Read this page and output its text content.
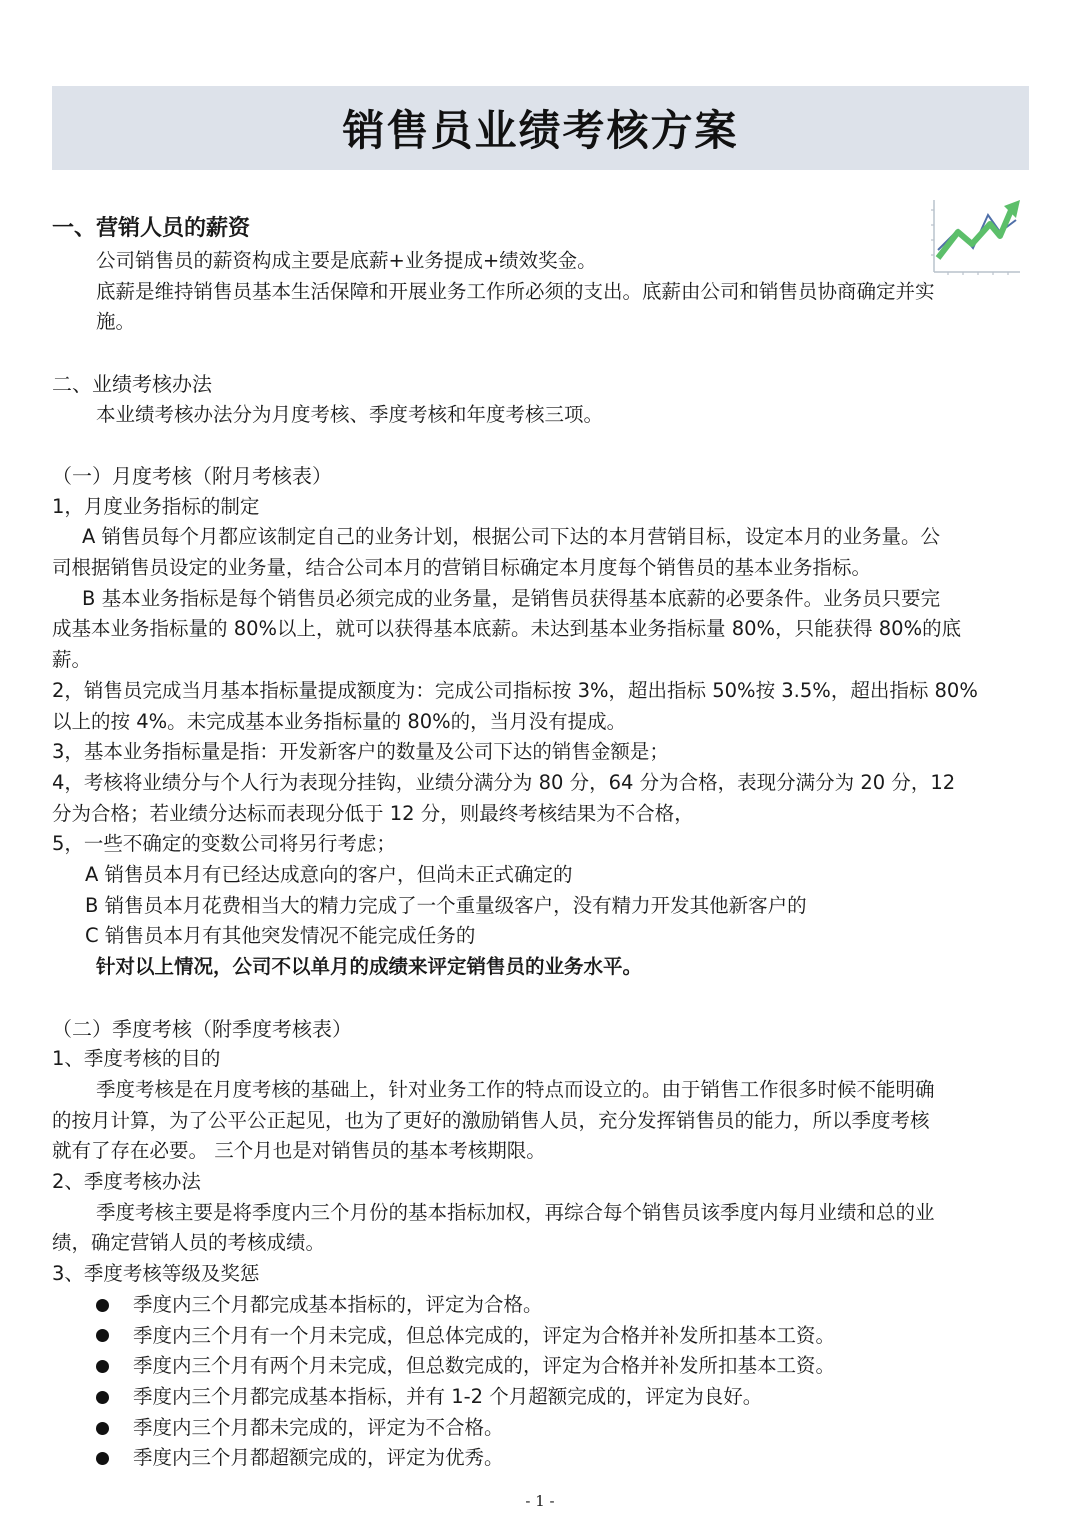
销售员业绩考核方案
一、营销人员的薪资
公司销售员的薪资构成主要是底薪+业务提成+绩效奖金。
底薪是维持销售员基本生活保障和开展业务工作所必须的支出。底薪由公司和销售员协商确定并实
施。
二、业绩考核办法
本业绩考核办法分为月度考核、季度考核和年度考核三项。
（一）月度考核（附月考核表）
1，月度业务指标的制定
A 销售员每个月都应该制定自己的业务计划，根据公司下达的本月营销目标，设定本月的业务量。公
司根据销售员设定的业务量，结合公司本月的营销目标确定本月度每个销售员的基本业务指标。
B 基本业务指标是每个销售员必须完成的业务量，是销售员获得基本底薪的必要条件。业务员只要完
成基本业务指标量的 80%以上，就可以获得基本底薪。未达到基本业务指标量 80%，只能获得 80%的底
薪。
2，销售员完成当月基本指标量提成额度为：完成公司指标按 3%，超出指标 50%按 3.5%，超出指标 80%
以上的按 4%。未完成基本业务指标量的 80%的，当月没有提成。
3，基本业务指标量是指：开发新客户的数量及公司下达的销售金额是；
4，考核将业绩分与个人行为表现分挂钩，业绩分满分为 80 分，64 分为合格，表现分满分为 20 分，12
分为合格；若业绩分达标而表现分低于 12 分，则最终考核结果为不合格，
5，一些不确定的变数公司将另行考虑；
A 销售员本月有已经达成意向的客户，但尚未正式确定的
B 销售员本月花费相当大的精力完成了一个重量级客户，没有精力开发其他新客户的
C 销售员本月有其他突发情况不能完成任务的
针对以上情况，公司不以单月的成绩来评定销售员的业务水平。
（二）季度考核（附季度考核表）
1、季度考核的目的
季度考核是在月度考核的基础上，针对业务工作的特点而设立的。由于销售工作很多时候不能明确
的按月计算，为了公平公正起见，也为了更好的激励销售人员，充分发挥销售员的能力，所以季度考核
就有了存在必要。 三个月也是对销售员的基本考核期限。
2、季度考核办法
季度考核主要是将季度内三个月份的基本指标加权，再综合每个销售员该季度内每月业绩和总的业
绩，确定营销人员的考核成绩。
3、季度考核等级及奖惩
季度内三个月都完成基本指标的，评定为合格。
季度内三个月有一个月未完成，但总体完成的，评定为合格并补发所扣基本工资。
季度内三个月有两个月未完成，但总数完成的，评定为合格并补发所扣基本工资。
季度内三个月都完成基本指标，并有 1-2 个月超额完成的，评定为良好。
季度内三个月都未完成的，评定为不合格。
季度内三个月都超额完成的，评定为优秀。
- 1 -
